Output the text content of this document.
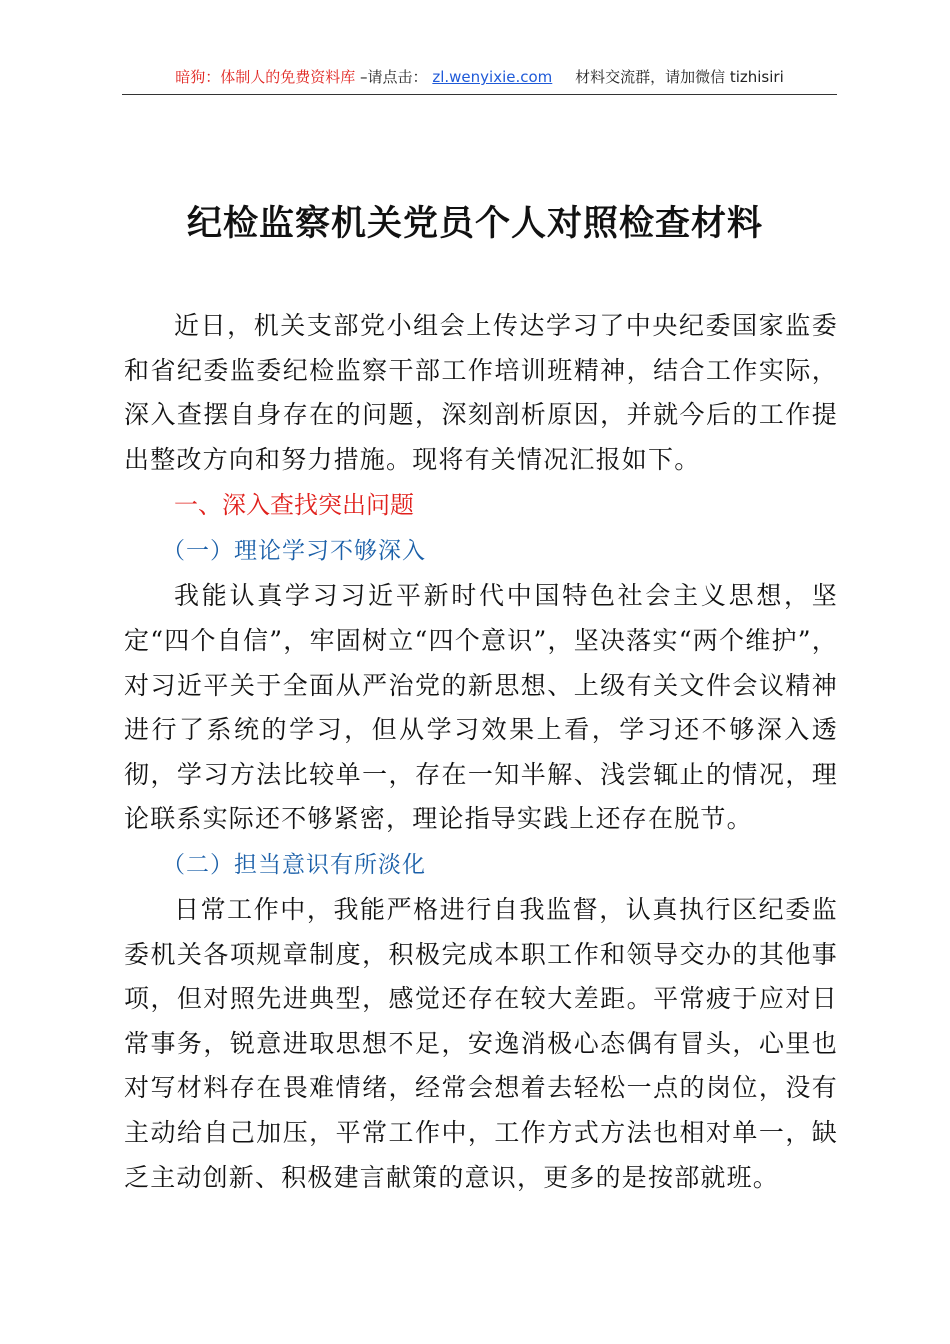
暗狗：体制人的免费资料库 –请点击： zl.wenyixie.com 材料交流群，请加微信 tizhisiri
纪检监察机关党员个人对照检查材料

近日，机关支部党小组会上传达学习了中央纪委国家监委和省纪委监委纪检监察干部工作培训班精神，结合工作实际，深入查摆自身存在的问题，深刻剖析原因，并就今后的工作提出整改方向和努力措施。现将有关情况汇报如下。

一、深入查找突出问题

（一）理论学习不够深入

我能认真学习习近平新时代中国特色社会主义思想，坚定“四个自信”，牢固树立“四个意识”，坚决落实“两个维护”，对习近平关于全面从严治党的新思想、上级有关文件会议精神进行了系统的学习，但从学习效果上看，学习还不够深入透彻，学习方法比较单一，存在一知半解、浅尝辄止的情况，理论联系实际还不够紧密，理论指导实践上还存在脱节。

（二）担当意识有所淡化

日常工作中，我能严格进行自我监督，认真执行区纪委监委机关各项规章制度，积极完成本职工作和领导交办的其他事项，但对照先进典型，感觉还存在较大差距。平常疲于应对日常事务，锐意进取思想不足，安逸消极心态偶有冒头，心里也对写材料存在畏难情绪，经常会想着去轻松一点的岗位，没有主动给自己加压，平常工作中，工作方式方法也相对单一，缺乏主动创新、积极建言献策的意识，更多的是按部就班。
